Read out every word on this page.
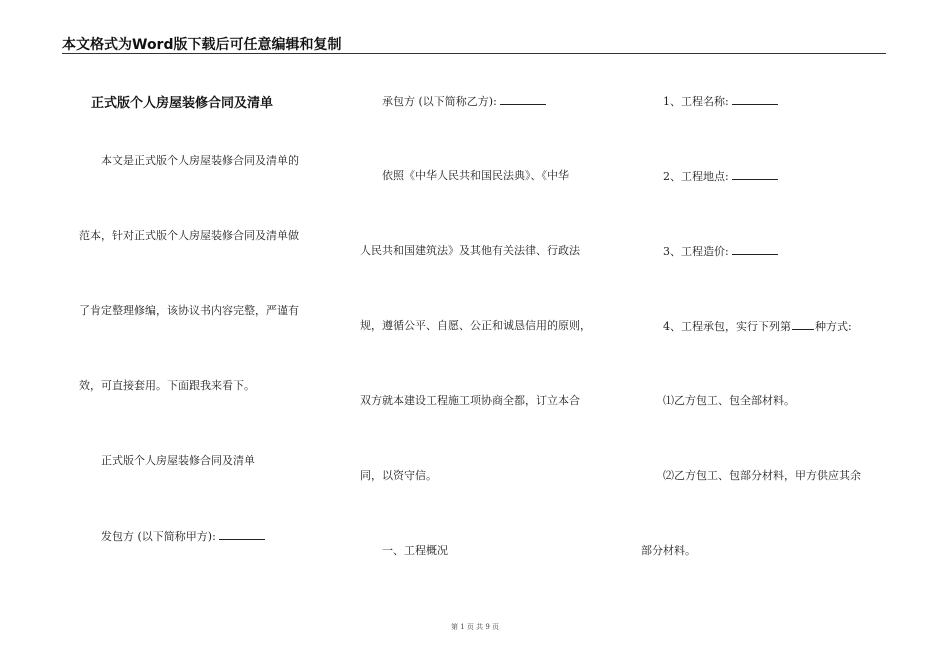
本文格式为Word版下载后可任意编辑和复制
正式版个人房屋装修合同及清单
本文是正式版个人房屋装修合同及清单的
范本，针对正式版个人房屋装修合同及清单做
了肯定整理修编，该协议书内容完整，严谨有
效，可直接套用。下面跟我来看下。
正式版个人房屋装修合同及清单
发包方 (以下简称甲方):
承包方 (以下简称乙方):
依照《中华人民共和国民法典》、《中华
人民共和国建筑法》及其他有关法律、行政法
规，遵循公平、自愿、公正和诚恳信用的原则，
双方就本建设工程施工项协商全都，订立本合
同，以资守信。
一、工程概况
1、工程名称:
2、工程地点:
3、工程造价:
4、工程承包，实行下列第 种方式:
⑴乙方包工、包全部材料。
⑵乙方包工、包部分材料，甲方供应其余
部分材料。
第 1 页 共 9 页
